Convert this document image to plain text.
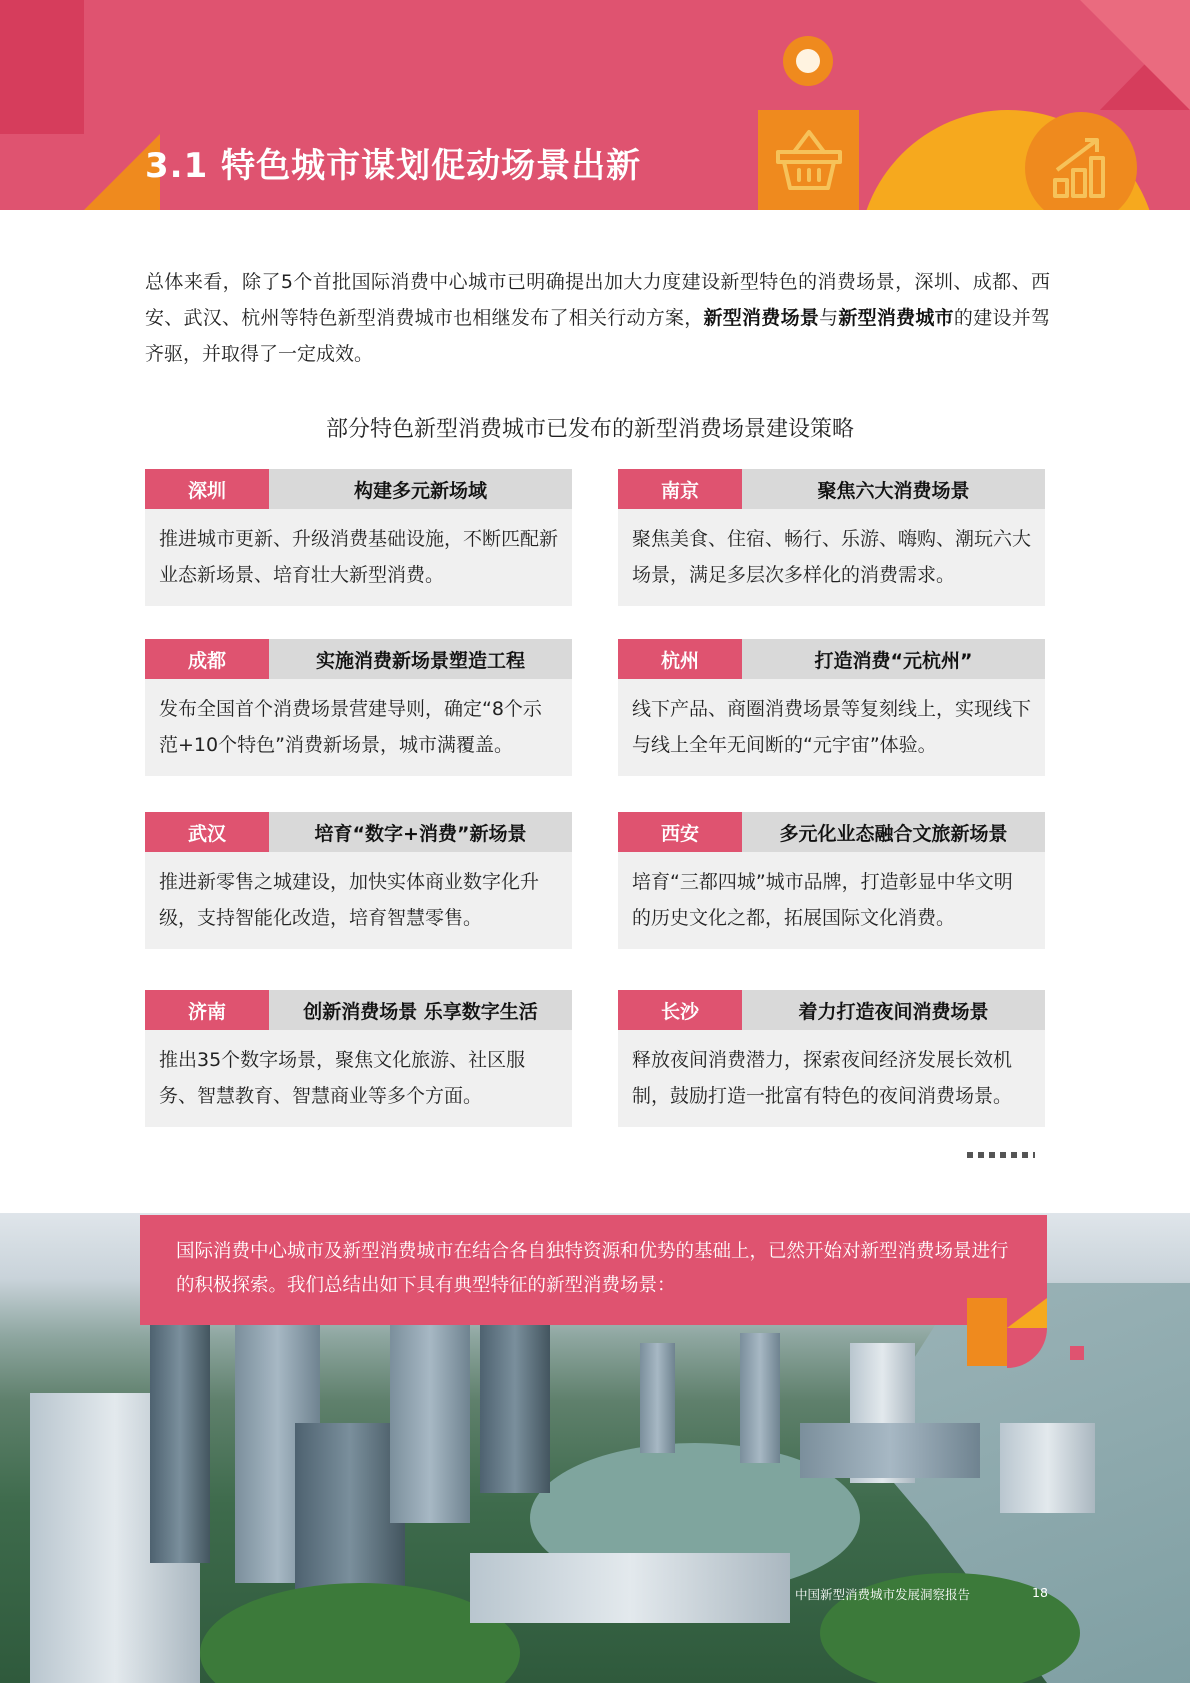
3.1 特色城市谋划促动场景出新

总体来看，除了5个首批国际消费中心城市已明确提出加大力度建设新型特色的消费场景，深圳、成都、西安、武汉、杭州等特色新型消费城市也相继发布了相关行动方案，新型消费场景与新型消费城市的建设并驾齐驱，并取得了一定成效。

部分特色新型消费城市已发布的新型消费场景建设策略
深圳	构建多元新场域
推进城市更新、升级消费基础设施，不断匹配新业态新场景、培育壮大新型消费。
南京	聚焦六大消费场景
聚焦美食、住宿、畅行、乐游、嗨购、潮玩六大场景，满足多层次多样化的消费需求。
成都	实施消费新场景塑造工程
发布全国首个消费场景营建导则，确定“8个示范+10个特色”消费新场景，城市满覆盖。
杭州	打造消费“元杭州”
线下产品、商圈消费场景等复刻线上，实现线下与线上全年无间断的“元宇宙”体验。
武汉	培育“数字+消费”新场景
推进新零售之城建设，加快实体商业数字化升级，支持智能化改造，培育智慧零售。
西安	多元化业态融合文旅新场景
培育“三都四城”城市品牌，打造彰显中华文明的历史文化之都，拓展国际文化消费。
济南	创新消费场景 乐享数字生活
推出35个数字场景，聚焦文化旅游、社区服务、智慧教育、智慧商业等多个方面。
长沙	着力打造夜间消费场景
释放夜间消费潜力，探索夜间经济发展长效机制，鼓励打造一批富有特色的夜间消费场景。
国际消费中心城市及新型消费城市在结合各自独特资源和优势的基础上，已然开始对新型消费场景进行的积极探索。我们总结出如下具有典型特征的新型消费场景：
中国新型消费城市发展洞察报告	18
